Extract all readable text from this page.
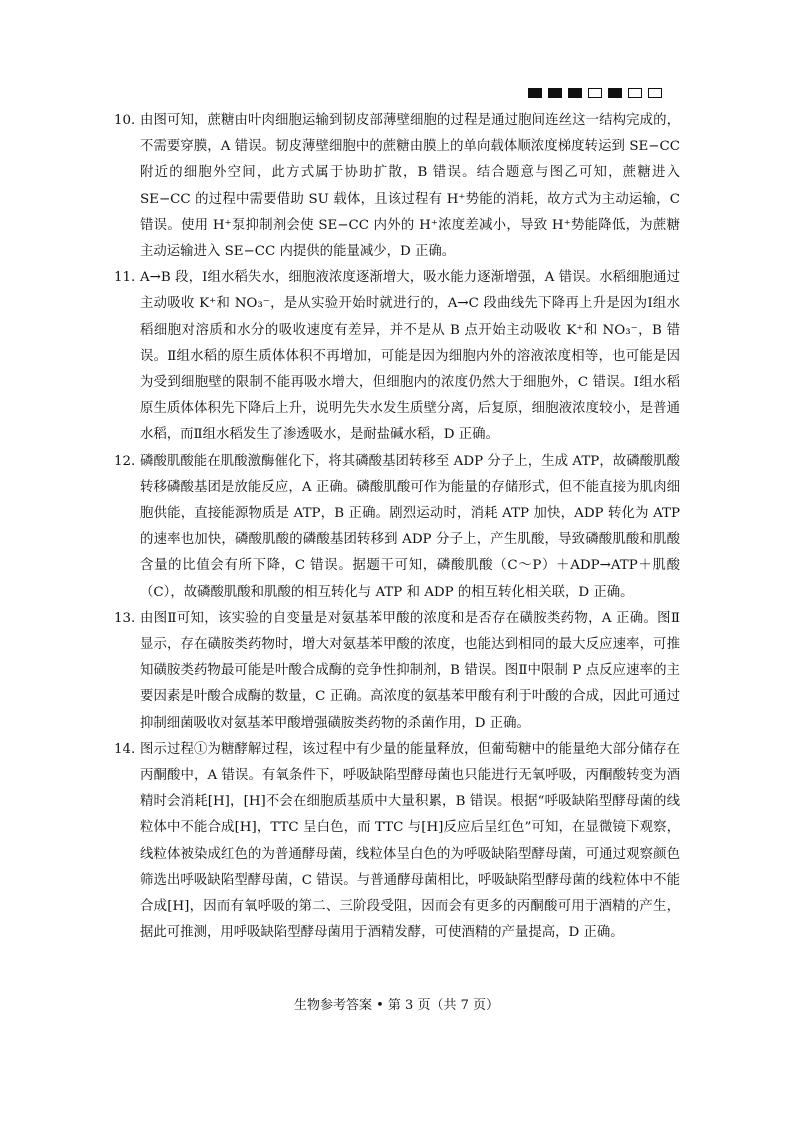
10. 由图可知，蔗糖由叶肉细胞运输到韧皮部薄壁细胞的过程是通过胞间连丝这一结构完成的，不需要穿膜，A 错误。韧皮薄壁细胞中的蔗糖由膜上的单向载体顺浓度梯度转运到 SE−CC 附近的细胞外空间，此方式属于协助扩散，B 错误。结合题意与图乙可知，蔗糖进入 SE−CC 的过程中需要借助 SU 载体，且该过程有 H⁺势能的消耗，故方式为主动运输，C 错误。使用 H⁺泵抑制剂会使 SE−CC 内外的 H⁺浓度差减小，导致 H⁺势能降低，为蔗糖主动运输进入 SE−CC 内提供的能量减少，D 正确。
11. A→B 段，Ⅰ组水稻失水，细胞液浓度逐渐增大，吸水能力逐渐增强，A 错误。水稻细胞通过主动吸收 K⁺和 NO₃⁻，是从实验开始时就进行的，A→C 段曲线先下降再上升是因为Ⅰ组水稻细胞对溶质和水分的吸收速度有差异，并不是从 B 点开始主动吸收 K⁺和 NO₃⁻，B 错误。Ⅱ组水稻的原生质体体积不再增加，可能是因为细胞内外的溶液浓度相等，也可能是因为受到细胞壁的限制不能再吸水增大，但细胞内的浓度仍然大于细胞外，C 错误。Ⅰ组水稻原生质体体积先下降后上升，说明先失水发生质壁分离，后复原，细胞液浓度较小，是普通水稻，而Ⅱ组水稻发生了渗透吸水，是耐盐碱水稻，D 正确。
12. 磷酸肌酸能在肌酸激酶催化下，将其磷酸基团转移至 ADP 分子上，生成 ATP，故磷酸肌酸转移磷酸基团是放能反应，A 正确。磷酸肌酸可作为能量的存储形式，但不能直接为肌肉细胞供能，直接能源物质是 ATP，B 正确。剧烈运动时，消耗 ATP 加快，ADP 转化为 ATP 的速率也加快，磷酸肌酸的磷酸基团转移到 ADP 分子上，产生肌酸，导致磷酸肌酸和肌酸含量的比值会有所下降，C 错误。据题干可知，磷酸肌酸（C～P）＋ADP→ATP＋肌酸（C），故磷酸肌酸和肌酸的相互转化与 ATP 和 ADP 的相互转化相关联，D 正确。
13. 由图Ⅱ可知，该实验的自变量是对氨基苯甲酸的浓度和是否存在磺胺类药物，A 正确。图Ⅱ显示，存在磺胺类药物时，增大对氨基苯甲酸的浓度，也能达到相同的最大反应速率，可推知磺胺类药物最可能是叶酸合成酶的竞争性抑制剂，B 错误。图Ⅱ中限制 P 点反应速率的主要因素是叶酸合成酶的数量，C 正确。高浓度的氨基苯甲酸有利于叶酸的合成，因此可通过抑制细菌吸收对氨基苯甲酸增强磺胺类药物的杀菌作用，D 正确。
14. 图示过程①为糖酵解过程，该过程中有少量的能量释放，但葡萄糖中的能量绝大部分储存在丙酮酸中，A 错误。有氧条件下，呼吸缺陷型酵母菌也只能进行无氧呼吸，丙酮酸转变为酒精时会消耗[H]，[H]不会在细胞质基质中大量积累，B 错误。根据“呼吸缺陷型酵母菌的线粒体中不能合成[H]，TTC 呈白色，而 TTC 与[H]反应后呈红色”可知，在显微镜下观察，线粒体被染成红色的为普通酵母菌，线粒体呈白色的为呼吸缺陷型酵母菌，可通过观察颜色筛选出呼吸缺陷型酵母菌，C 错误。与普通酵母菌相比，呼吸缺陷型酵母菌的线粒体中不能合成[H]，因而有氧呼吸的第二、三阶段受阻，因而会有更多的丙酮酸可用于酒精的产生，据此可推测，用呼吸缺陷型酵母菌用于酒精发酵，可使酒精的产量提高，D 正确。
生物参考答案 • 第 3 页（共 7 页）
